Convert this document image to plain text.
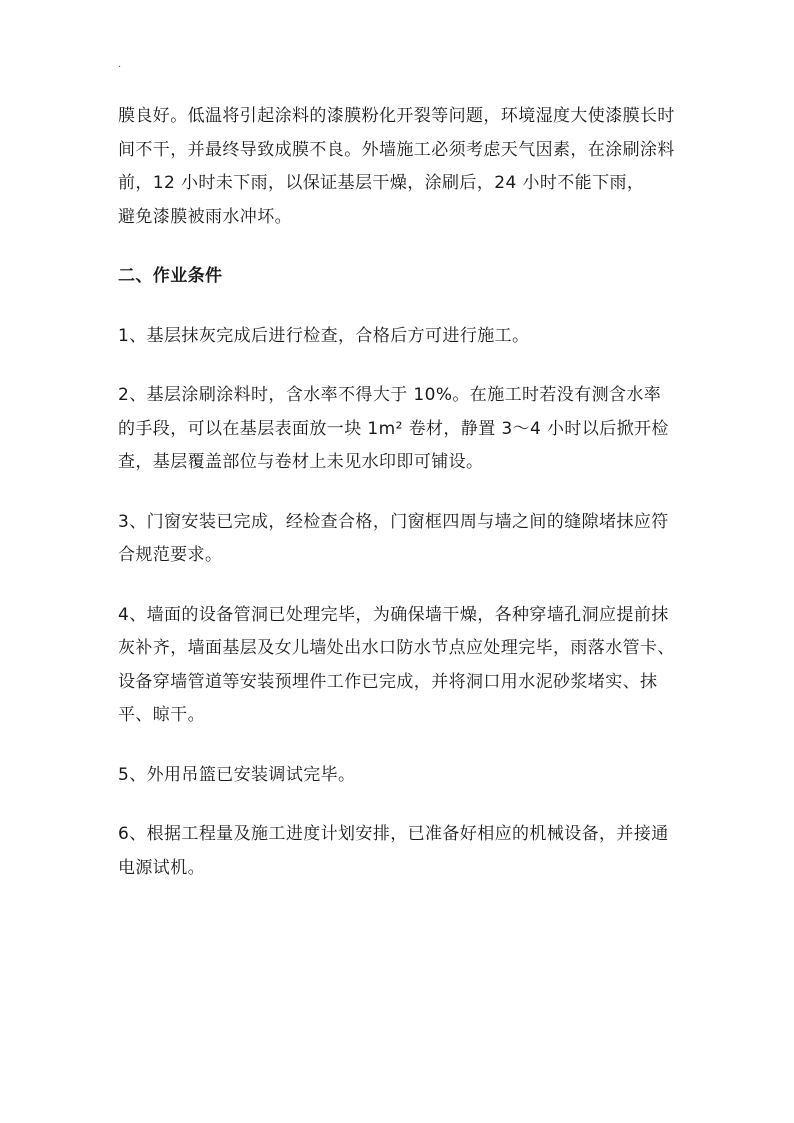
·

膜良好。低温将引起涂料的漆膜粉化开裂等问题，环境湿度大使漆膜长时间不干，并最终导致成膜不良。外墙施工必须考虑天气因素，在涂刷涂料前，12 小时未下雨，以保证基层干燥，涂刷后，24 小时不能下雨，避免漆膜被雨水冲坏。

二、作业条件

1、基层抹灰完成后进行检查，合格后方可进行施工。

2、基层涂刷涂料时，含水率不得大于 10%。在施工时若没有测含水率的手段，可以在基层表面放一块 1m² 卷材，静置 3～4 小时以后掀开检查，基层覆盖部位与卷材上未见水印即可铺设。

3、门窗安装已完成，经检查合格，门窗框四周与墙之间的缝隙堵抹应符合规范要求。

4、墙面的设备管洞已处理完毕，为确保墙干燥，各种穿墙孔洞应提前抹灰补齐，墙面基层及女儿墙处出水口防水节点应处理完毕，雨落水管卡、设备穿墙管道等安装预埋件工作已完成，并将洞口用水泥砂浆堵实、抹平、晾干。

5、外用吊篮已安装调试完毕。

6、根据工程量及施工进度计划安排，已准备好相应的机械设备，并接通电源试机。
